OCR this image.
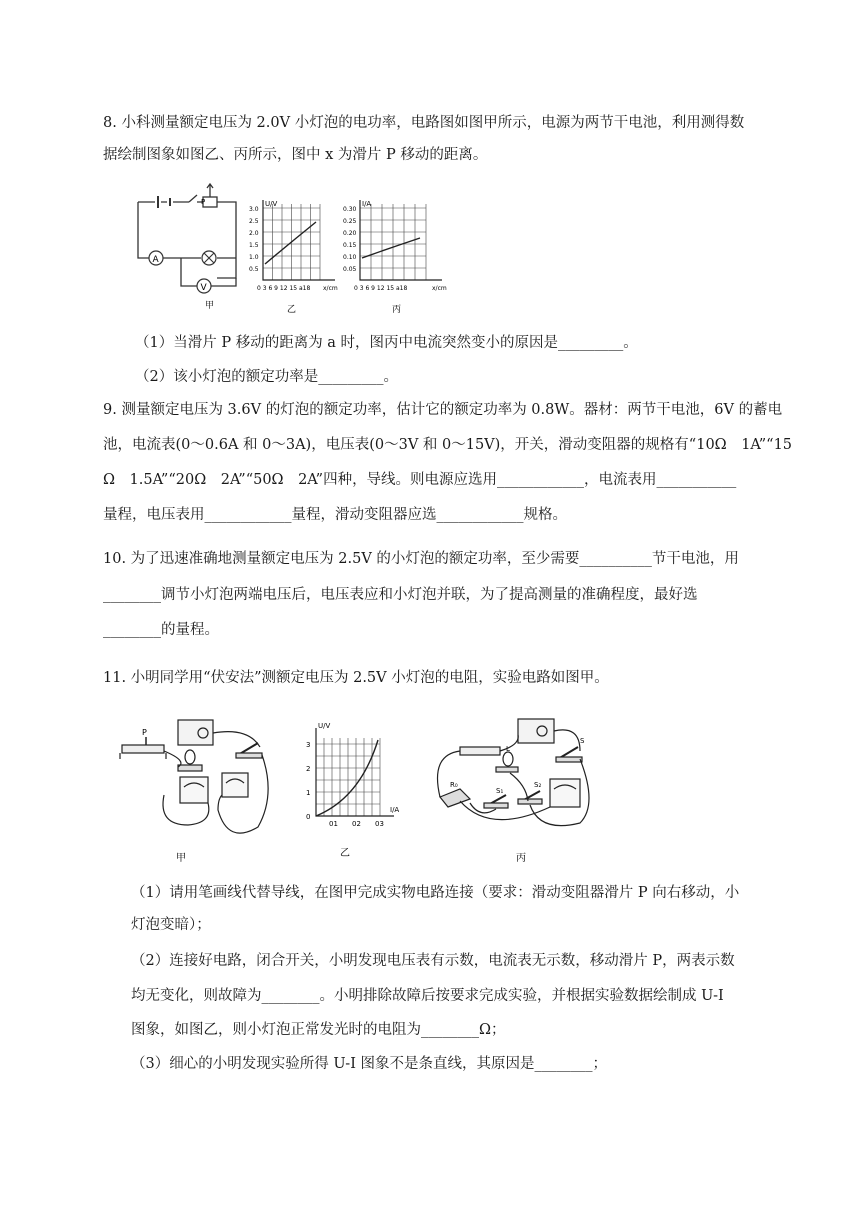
8. 小科测量额定电压为 2.0V 小灯泡的电功率，电路图如图甲所示，电源为两节干电池，利用测得数
据绘制图象如图乙、丙所示，图中 x 为滑片 P 移动的距离。
A
V
P
甲
U/V
3.0
2.5
2.0
1.5
1.0
0.5
0 3 6 9 12 15 a18 x/cm
乙
I/A
0.30
0.25
0.20
0.15
0.10
0.05
0 3 6 9 12 15 a18	x/cm
丙
（1）当滑片 P 移动的距离为 a 时，图丙中电流突然变小的原因是_________。
（2）该小灯泡的额定功率是_________。
9. 测量额定电压为 3.6V 的灯泡的额定功率，估计它的额定功率为 0.8W。器材：两节干电池，6V 的蓄电
池，电流表(0～0.6A 和 0～3A)，电压表(0～3V 和 0～15V)，开关，滑动变阻器的规格有“10Ω　1A”“15
Ω　1.5A”“20Ω　2A”“50Ω　2A”四种，导线。则电源应选用____________，电流表用___________
量程，电压表用____________量程，滑动变阻器应选____________规格。
10. 为了迅速准确地测量额定电压为 2.5V 的小灯泡的额定功率，至少需要__________节干电池，用
________调节小灯泡两端电压后，电压表应和小灯泡并联，为了提高测量的准确程度，最好选
________的量程。
11. 小明同学用“伏安法”测额定电压为 2.5V 小灯泡的电阻，实验电路如图甲。
P
甲
U/V
3
2
1
0
01 02 03
I/A
乙
L
R₀
S₁
S₂
S
丙
（1）请用笔画线代替导线，在图甲完成实物电路连接（要求：滑动变阻器滑片 P 向右移动，小
灯泡变暗）；
（2）连接好电路，闭合开关，小明发现电压表有示数，电流表无示数，移动滑片 P，两表示数
均无变化，则故障为________。小明排除故障后按要求完成实验，并根据实验数据绘制成 U-I
图象，如图乙，则小灯泡正常发光时的电阻为________Ω；
（3）细心的小明发现实验所得 U-I 图象不是条直线，其原因是________；
